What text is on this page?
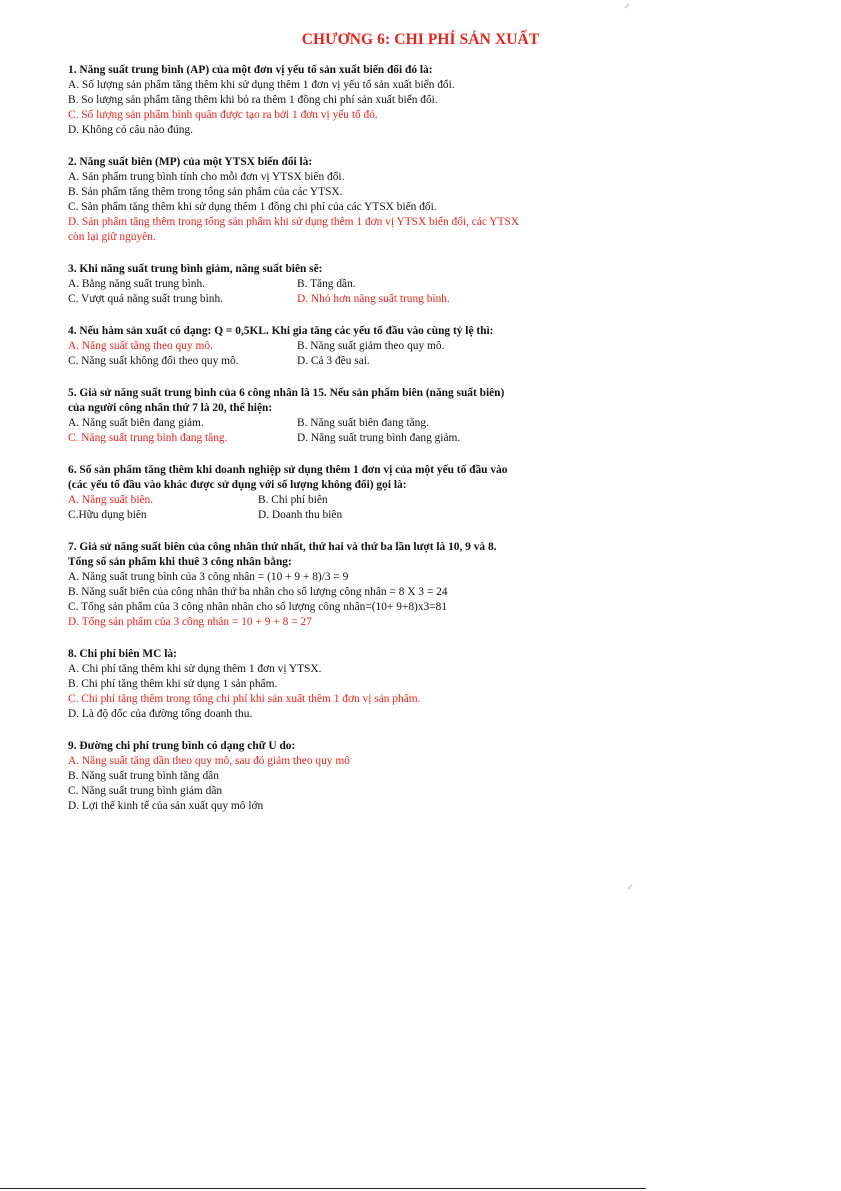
CHƯƠNG 6: CHI PHÍ SẢN XUẤT

1. Năng suất trung bình (AP) của một đơn vị yếu tố sản xuất biến đổi đó là:

A. Số lượng sản phẩm tăng thêm khi sử dụng thêm 1 đơn vị yếu tố sản xuất biến đổi.

B. So lượng sản phẩm tăng thêm khi bỏ ra thêm 1 đồng chi phí sản xuất biến đổi.

C. Số lượng sản phẩm bình quân được tạo ra bởi 1 đơn vị yếu tố đó.

D. Không có câu nào đúng.

2. Năng suất biên (MP) của một YTSX biến đổi là:

A. Sản phẩm trung bình tính cho mỗi đơn vị YTSX biến đổi.

B. Sản phẩm tăng thêm trong tổng sản phẩm của các YTSX.

C. Sản phẩm tăng thêm khi sử dụng thêm 1 đồng chi phí của các YTSX biến đổi.

D. Sản phẩm tăng thêm trong tổng sản phẩm khi sử dụng thêm 1 đơn vị YTSX biến đổi, các YTSX

còn lại giữ nguyên.

3. Khi năng suất trung bình giảm, năng suất biên sẽ:

A. Bằng năng suất trung bình.	B. Tăng dần.
C. Vượt quá năng suất trung bình.	D. Nhỏ hơn năng suất trung bình.

4. Nếu hàm sản xuất có dạng: Q = 0,5KL. Khi gia tăng các yếu tố đầu vào cùng tỷ lệ thì:

A. Năng suất tăng theo quy mô.	B. Năng suất giảm theo quy mô.
C. Năng suất không đổi theo quy mô.	D. Cả 3 đều sai.

5. Giả sử năng suất trung bình của 6 công nhân là 15. Nếu sản phẩm biên (năng suất biên)

của người công nhân thứ 7 là 20, thể hiện:

A. Năng suất biên đang giảm.	B. Năng suất biên đang tăng.
C. Năng suất trung bình đang tăng.	D. Năng suất trung bình đang giảm.

6. Số sản phẩm tăng thêm khi doanh nghiệp sử dụng thêm 1 đơn vị của một yếu tố đầu vào

(các yếu tố đầu vào khác được sử dụng với số lượng không đổi) gọi là:

A. Năng suất biên.	B. Chi phí biên
C.Hữu dụng biên	D. Doanh thu biên

7. Giả sử năng suất biên của công nhân thứ nhất, thứ hai và thứ ba lần lượt là 10, 9 và 8.

Tổng số sản phẩm khi thuê 3 công nhân bằng:

A. Năng suất trung bình của 3 công nhân = (10 + 9 + 8)/3 = 9

B. Năng suất biên của công nhân thứ ba nhân cho số lượng công nhân = 8 X 3 = 24

C. Tổng sản phẩm của 3 công nhân nhân cho số lượng công nhân=(10+ 9+8)x3=81

D. Tổng sản phẩm của 3 công nhân = 10 + 9 + 8 = 27

8. Chi phí biên MC là:

A. Chi phí tăng thêm khi sử dụng thêm 1 đơn vị YTSX.

B. Chi phí tăng thêm khi sử dụng 1 sản phẩm.

C. Chi phí tăng thêm trong tổng chi phí khi sản xuất thêm 1 đơn vị sản phẩm.

D. Là độ dốc của đường tổng doanh thu.

9. Đường chi phí trung bình có dạng chữ U do:

A. Năng suất tăng dần theo quy mô, sau đó giảm theo quy mô

B. Năng suất trung bình tăng dần

C. Năng suất trung bình giảm dần

D. Lợi thế kinh tế của sản xuất quy mô lớn
